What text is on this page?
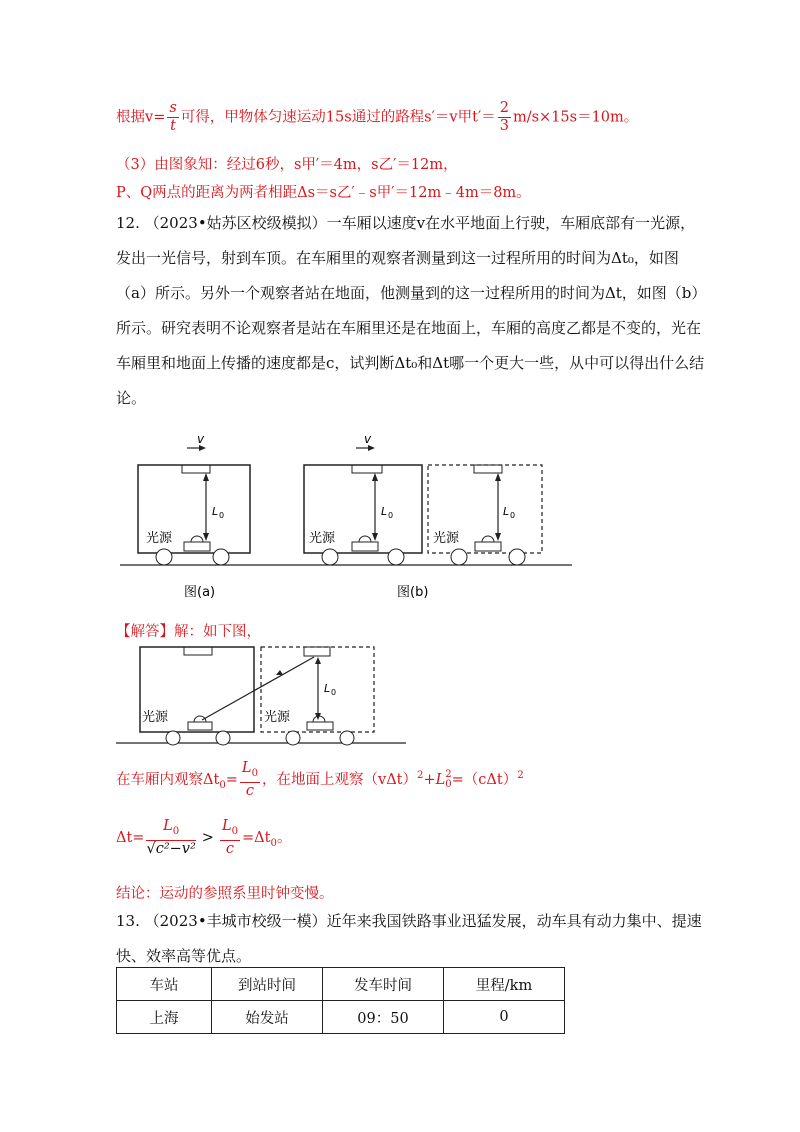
根据$v= \frac{s}{t}$ 可得，甲物体匀速运动15s通过的路程s′＝v甲$t'= \frac{2}{3} m/s\times 15s=10m$。
（3）由图象知：经过6秒，s甲′＝4m，s乙′＝12m，
P、Q两点的距离为两者相距Δs＝s乙′﹣s甲′＝12m﹣4m＝8m。
12. （2023•姑苏区校级模拟）一车厢以速度v在水平地面上行驶，车厢底部有一光源，发出一光信号，射到车顶。在车厢里的观察者测量到这一过程所用的时间为Δt₀，如图（a）所示。另外一个观察者站在地面，他测量到的这一过程所用的时间为Δt，如图（b）所示。研究表明不论观察者是站在车厢里还是在地面上，车厢的高度乙都是不变的，光在车厢里和地面上传播的速度都是c，试判断Δt₀和Δt哪一个更大一些，从中可以得出什么结论。
L 0
光源
v
图(a)
L 0
光源
v
图(b)
L 0
光源
【解答】解：如下图，
光源	光源
L 0
在车厢内观察$\Delta t_0= \frac{L_0}{c}$ ，在地面上观察$(v\Delta t)^2+L$ 2
$0 =(c\Delta t)^2$
$\Delta t= \frac{L_0}{\text{√c²−v²}} > \frac{L_0}{c} =\Delta t_0$。
结论：运动的参照系里时钟变慢。
13. （2023•丰城市校级一模）近年来我国铁路事业迅猛发展，动车具有动力集中、提速快、效率高等优点。
车站	到站时间	发车时间	里程/km
上海	始发站	09：50	0
